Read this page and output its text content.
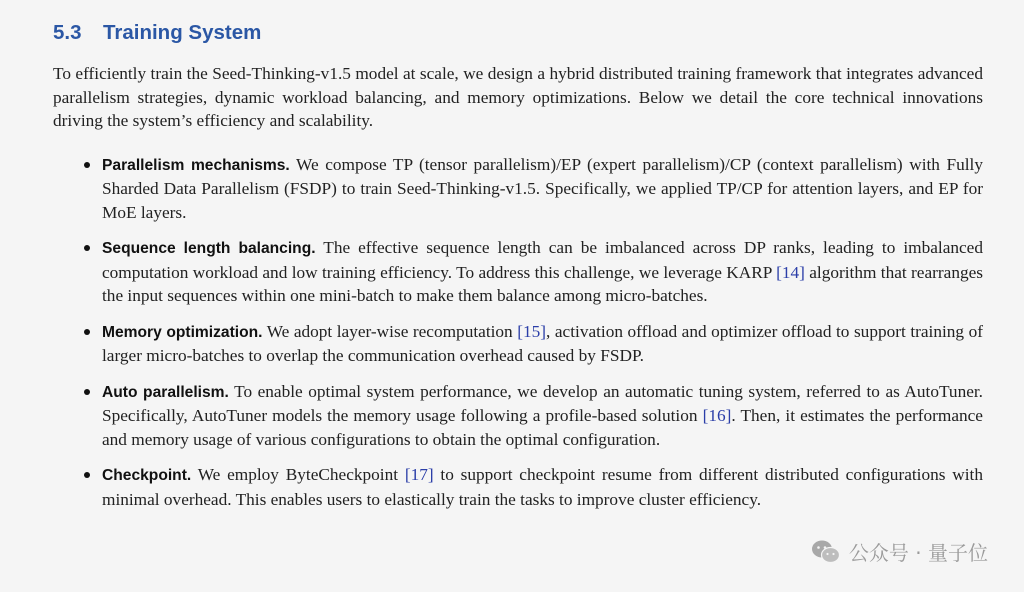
5.3 Training System

To efficiently train the Seed-Thinking-v1.5 model at scale, we design a hybrid distributed training framework that integrates advanced parallelism strategies, dynamic workload balancing, and memory optimizations. Below we detail the core technical innovations driving the system’s efficiency and scalability.

Parallelism mechanisms. We compose TP (tensor parallelism)/EP (expert parallelism)/CP (context parallelism) with Fully Sharded Data Parallelism (FSDP) to train Seed-Thinking-v1.5. Specifically, we applied TP/CP for attention layers, and EP for MoE layers.
Sequence length balancing. The effective sequence length can be imbalanced across DP ranks, leading to imbalanced computation workload and low training efficiency. To address this challenge, we leverage KARP [14] algorithm that rearranges the input sequences within one mini-batch to make them balance among micro-batches.
Memory optimization. We adopt layer-wise recomputation [15], activation offload and optimizer offload to support training of larger micro-batches to overlap the communication overhead caused by FSDP.
Auto parallelism. To enable optimal system performance, we develop an automatic tuning system, referred to as AutoTuner. Specifically, AutoTuner models the memory usage following a profile-based solution [16]. Then, it estimates the performance and memory usage of various configurations to obtain the optimal configuration.
Checkpoint. We employ ByteCheckpoint [17] to support checkpoint resume from different distributed configurations with minimal overhead. This enables users to elastically train the tasks to improve cluster efficiency.
公众号 · 量子位
